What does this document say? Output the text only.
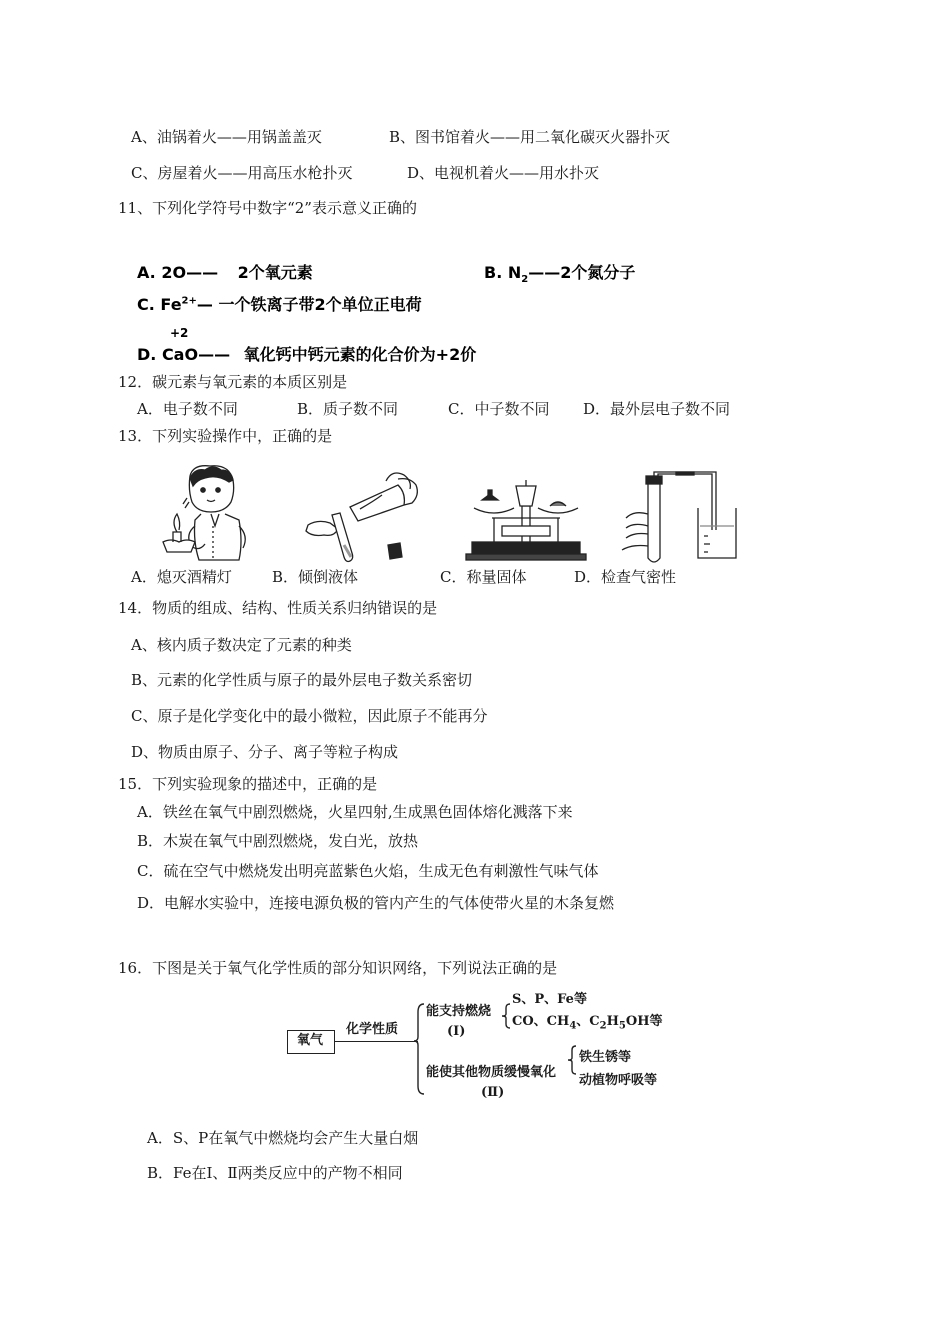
A、油锅着火——用锅盖盖灭	B、图书馆着火——用二氧化碳灭火器扑灭
C、房屋着火——用高压水枪扑灭	D、电视机着火——用水扑灭
11、下列化学符号中数字“2”表示意义正确的
A. 2O—— 2个氧元素	B. $N_2——2$个氮分子
C. $Fe^{2+}—$ 一个铁离子带2个单位正电荷
+2
D. CaO—— 氧化钙中钙元素的化合价为+2价
12．碳元素与氧元素的本质区别是
A．电子数不同	B．质子数不同	C．中子数不同 D．最外层电子数不同
13．下列实验操作中，正确的是
A．熄灭酒精灯	B．倾倒液体	C．称量固体	D．检查气密性
14．物质的组成、结构、性质关系归纳错误的是
A、核内质子数决定了元素的种类
B、元素的化学性质与原子的最外层电子数关系密切
C、原子是化学变化中的最小微粒，因此原子不能再分
D、物质由原子、分子、离子等粒子构成
15．下列实验现象的描述中，正确的是
A．铁丝在氧气中剧烈燃烧，火星四射,生成黑色固体熔化溅落下来
B．木炭在氧气中剧烈燃烧，发白光，放热
C．硫在空气中燃烧发出明亮蓝紫色火焰，生成无色有刺激性气味气体
D．电解水实验中，连接电源负极的管内产生的气体使带火星的木条复燃
16．下图是关于氧气化学性质的部分知识网络，下列说法正确的是
氧气
化学性质
能支持燃烧
(Ⅰ)
S、P、Fe等
CO、$CH_4$、$C_2H_5OH$等
能使其他物质缓慢氧化
(Ⅱ)
铁生锈等
动植物呼吸等
A．S、P在氧气中燃烧均会产生大量白烟
B．Fe在Ⅰ、Ⅱ两类反应中的产物不相同
